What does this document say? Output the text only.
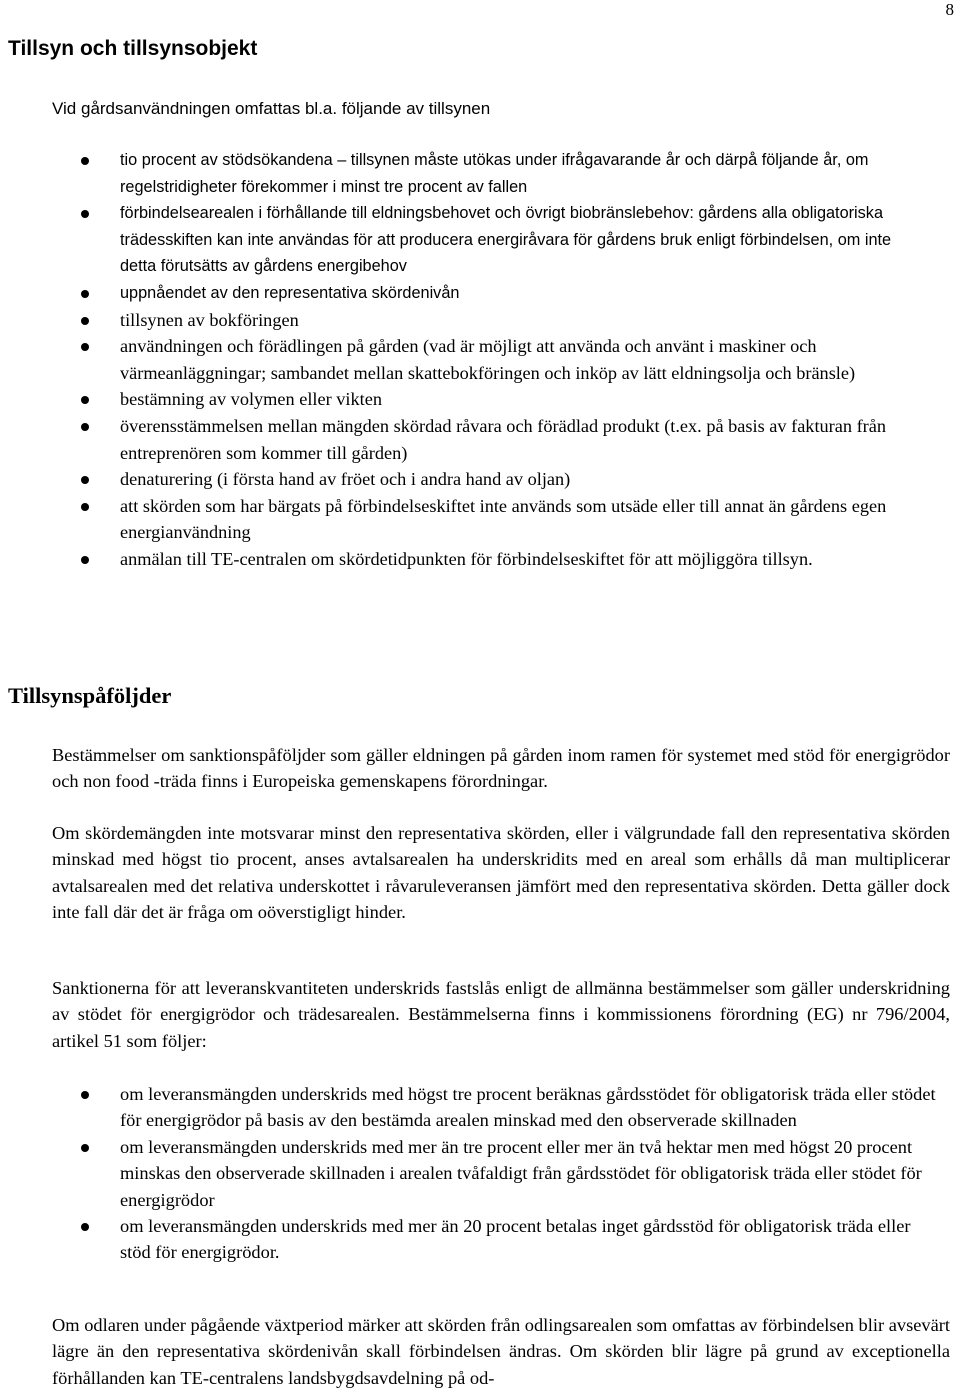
8
Tillsyn och tillsynsobjekt

Vid gårdsanvändningen omfattas bl.a. följande av tillsynen

tio procent av stödsökandena – tillsynen måste utökas under ifrågavarande år och därpå följande år, om regelstridigheter förekommer i minst tre procent av fallen
förbindelsearealen i förhållande till eldningsbehovet och övrigt biobränslebehov: gårdens alla obligatoriska trädesskiften kan inte användas för att producera energiråvara för gårdens bruk enligt förbindelsen, om inte detta förutsätts av gårdens energibehov
uppnåendet av den representativa skördenivån
tillsynen av bokföringen
användningen och förädlingen på gården (vad är möjligt att använda och använt i maskiner och värmeanläggningar; sambandet mellan skattebokföringen och inköp av lätt eldningsolja och bränsle)
bestämning av volymen eller vikten
överensstämmelsen mellan mängden skördad råvara och förädlad produkt (t.ex. på basis av fakturan från entreprenören som kommer till gården)
denaturering (i första hand av fröet och i andra hand av oljan)
att skörden som har bärgats på förbindelseskiftet inte används som utsäde eller till annat än gårdens egen energianvändning
anmälan till TE-centralen om skördetidpunkten för förbindelseskiftet för att möjliggöra tillsyn.
Tillsynspåföljder

Bestämmelser om sanktionspåföljder som gäller eldningen på gården inom ramen för systemet med stöd för energigrödor och non food -träda finns i Europeiska gemenskapens förordningar.

Om skördemängden inte motsvarar minst den representativa skörden, eller i välgrundade fall den representativa skörden minskad med högst tio procent, anses avtalsarealen ha underskridits med en areal som erhålls då man multiplicerar avtalsarealen med det relativa underskottet i råvaruleveransen jämfört med den representativa skörden. Detta gäller dock inte fall där det är fråga om oöverstigligt hinder.

Sanktionerna för att leveranskvantiteten underskrids fastslås enligt de allmänna bestämmelser som gäller underskridning av stödet för energigrödor och trädesarealen. Bestämmelserna finns i kommissionens förordning (EG) nr 796/2004, artikel 51 som följer:

om leveransmängden underskrids med högst tre procent beräknas gårdsstödet för obligatorisk träda eller stödet för energigrödor på basis av den bestämda arealen minskad med den observerade skillnaden
om leveransmängden underskrids med mer än tre procent eller mer än två hektar men med högst 20 procent minskas den observerade skillnaden i arealen tvåfaldigt från gårdsstödet för obligatorisk träda eller stödet för energigrödor
om leveransmängden underskrids med mer än 20 procent betalas inget gårdsstöd för obligatorisk träda eller stöd för energigrödor.

Om odlaren under pågående växtperiod märker att skörden från odlingsarealen som omfattas av förbindelsen blir avsevärt lägre än den representativa skördenivån skall förbindelsen ändras. Om skörden blir lägre på grund av exceptionella förhållanden kan TE-centralens landsbygdsavdelning på od-
